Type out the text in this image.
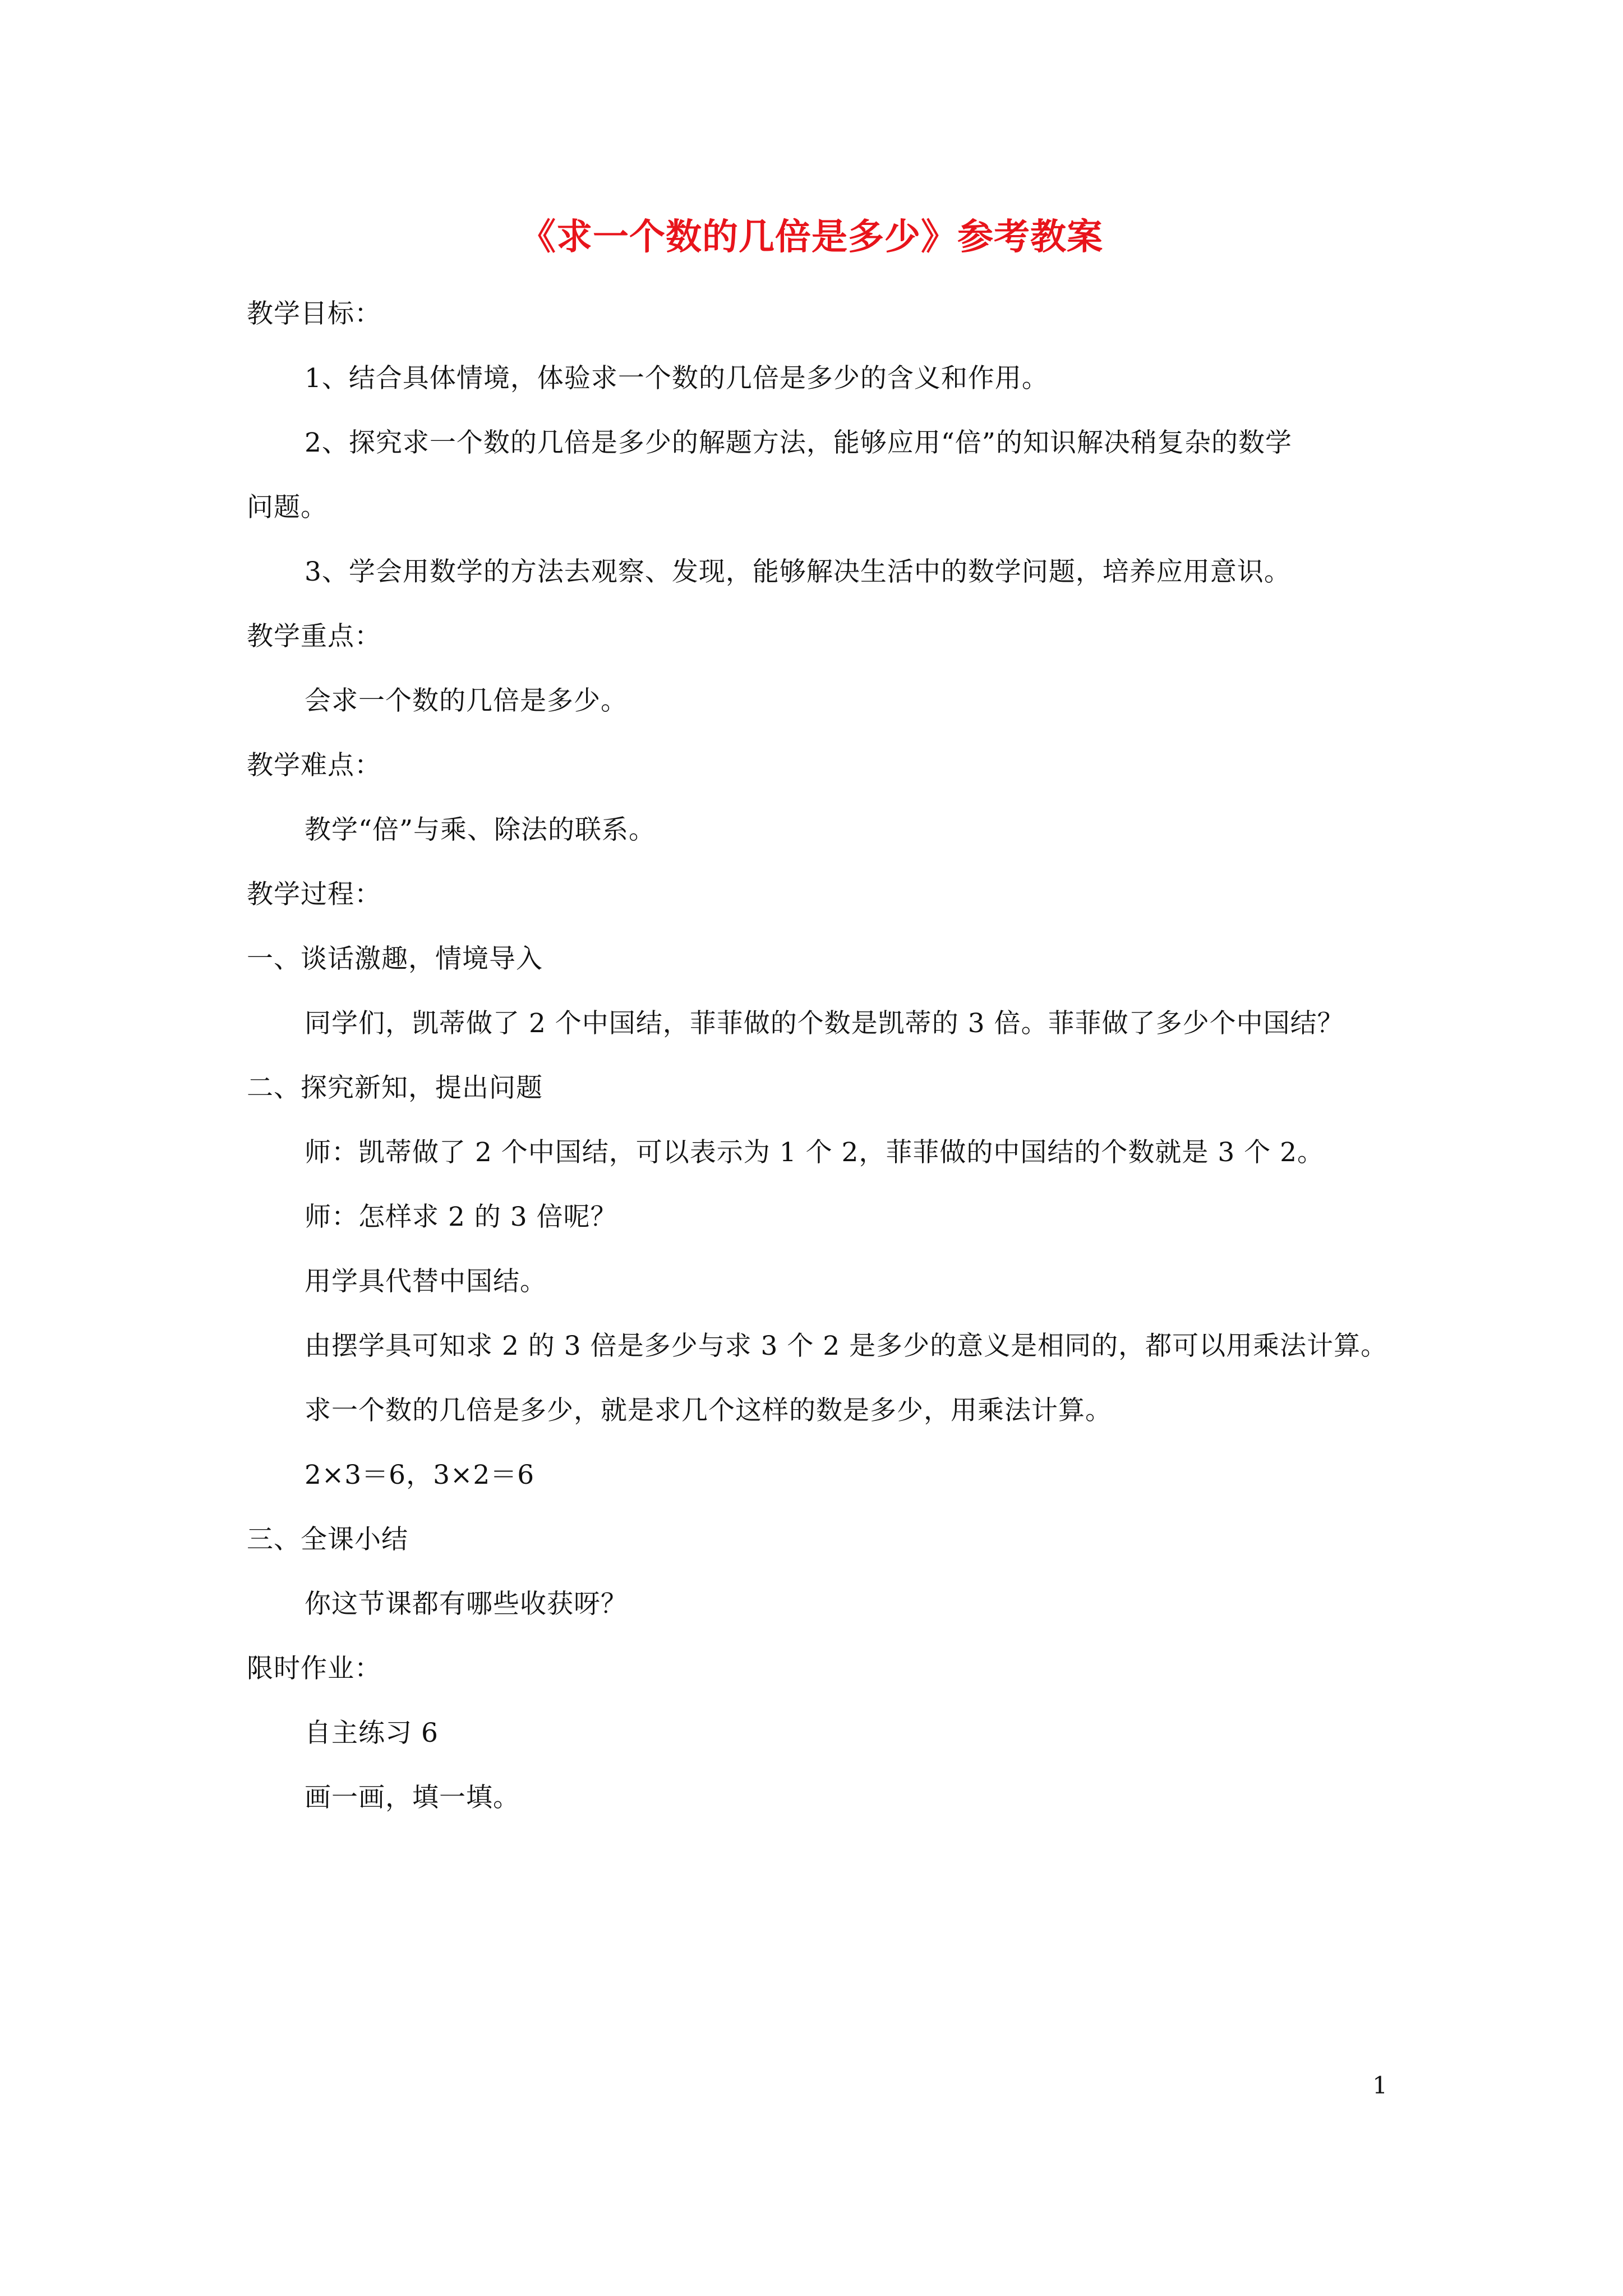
《求一个数的几倍是多少》参考教案
教学目标：
1、结合具体情境，体验求一个数的几倍是多少的含义和作用。
2、探究求一个数的几倍是多少的解题方法，能够应用“倍”的知识解决稍复杂的数学
问题。
3、学会用数学的方法去观察、发现，能够解决生活中的数学问题，培养应用意识。
教学重点：
会求一个数的几倍是多少。
教学难点：
教学“倍”与乘、除法的联系。
教学过程：
一、谈话激趣，情境导入
同学们，凯蒂做了 2 个中国结，菲菲做的个数是凯蒂的 3 倍。菲菲做了多少个中国结？
二、探究新知，提出问题
师：凯蒂做了 2 个中国结，可以表示为 1 个 2，菲菲做的中国结的个数就是 3 个 2。
师：怎样求 2 的 3 倍呢？
用学具代替中国结。
由摆学具可知求 2 的 3 倍是多少与求 3 个 2 是多少的意义是相同的，都可以用乘法计算。
求一个数的几倍是多少，就是求几个这样的数是多少，用乘法计算。
2×3＝6，3×2＝6
三、全课小结
你这节课都有哪些收获呀？
限时作业：
自主练习 6
画一画，填一填。
1
